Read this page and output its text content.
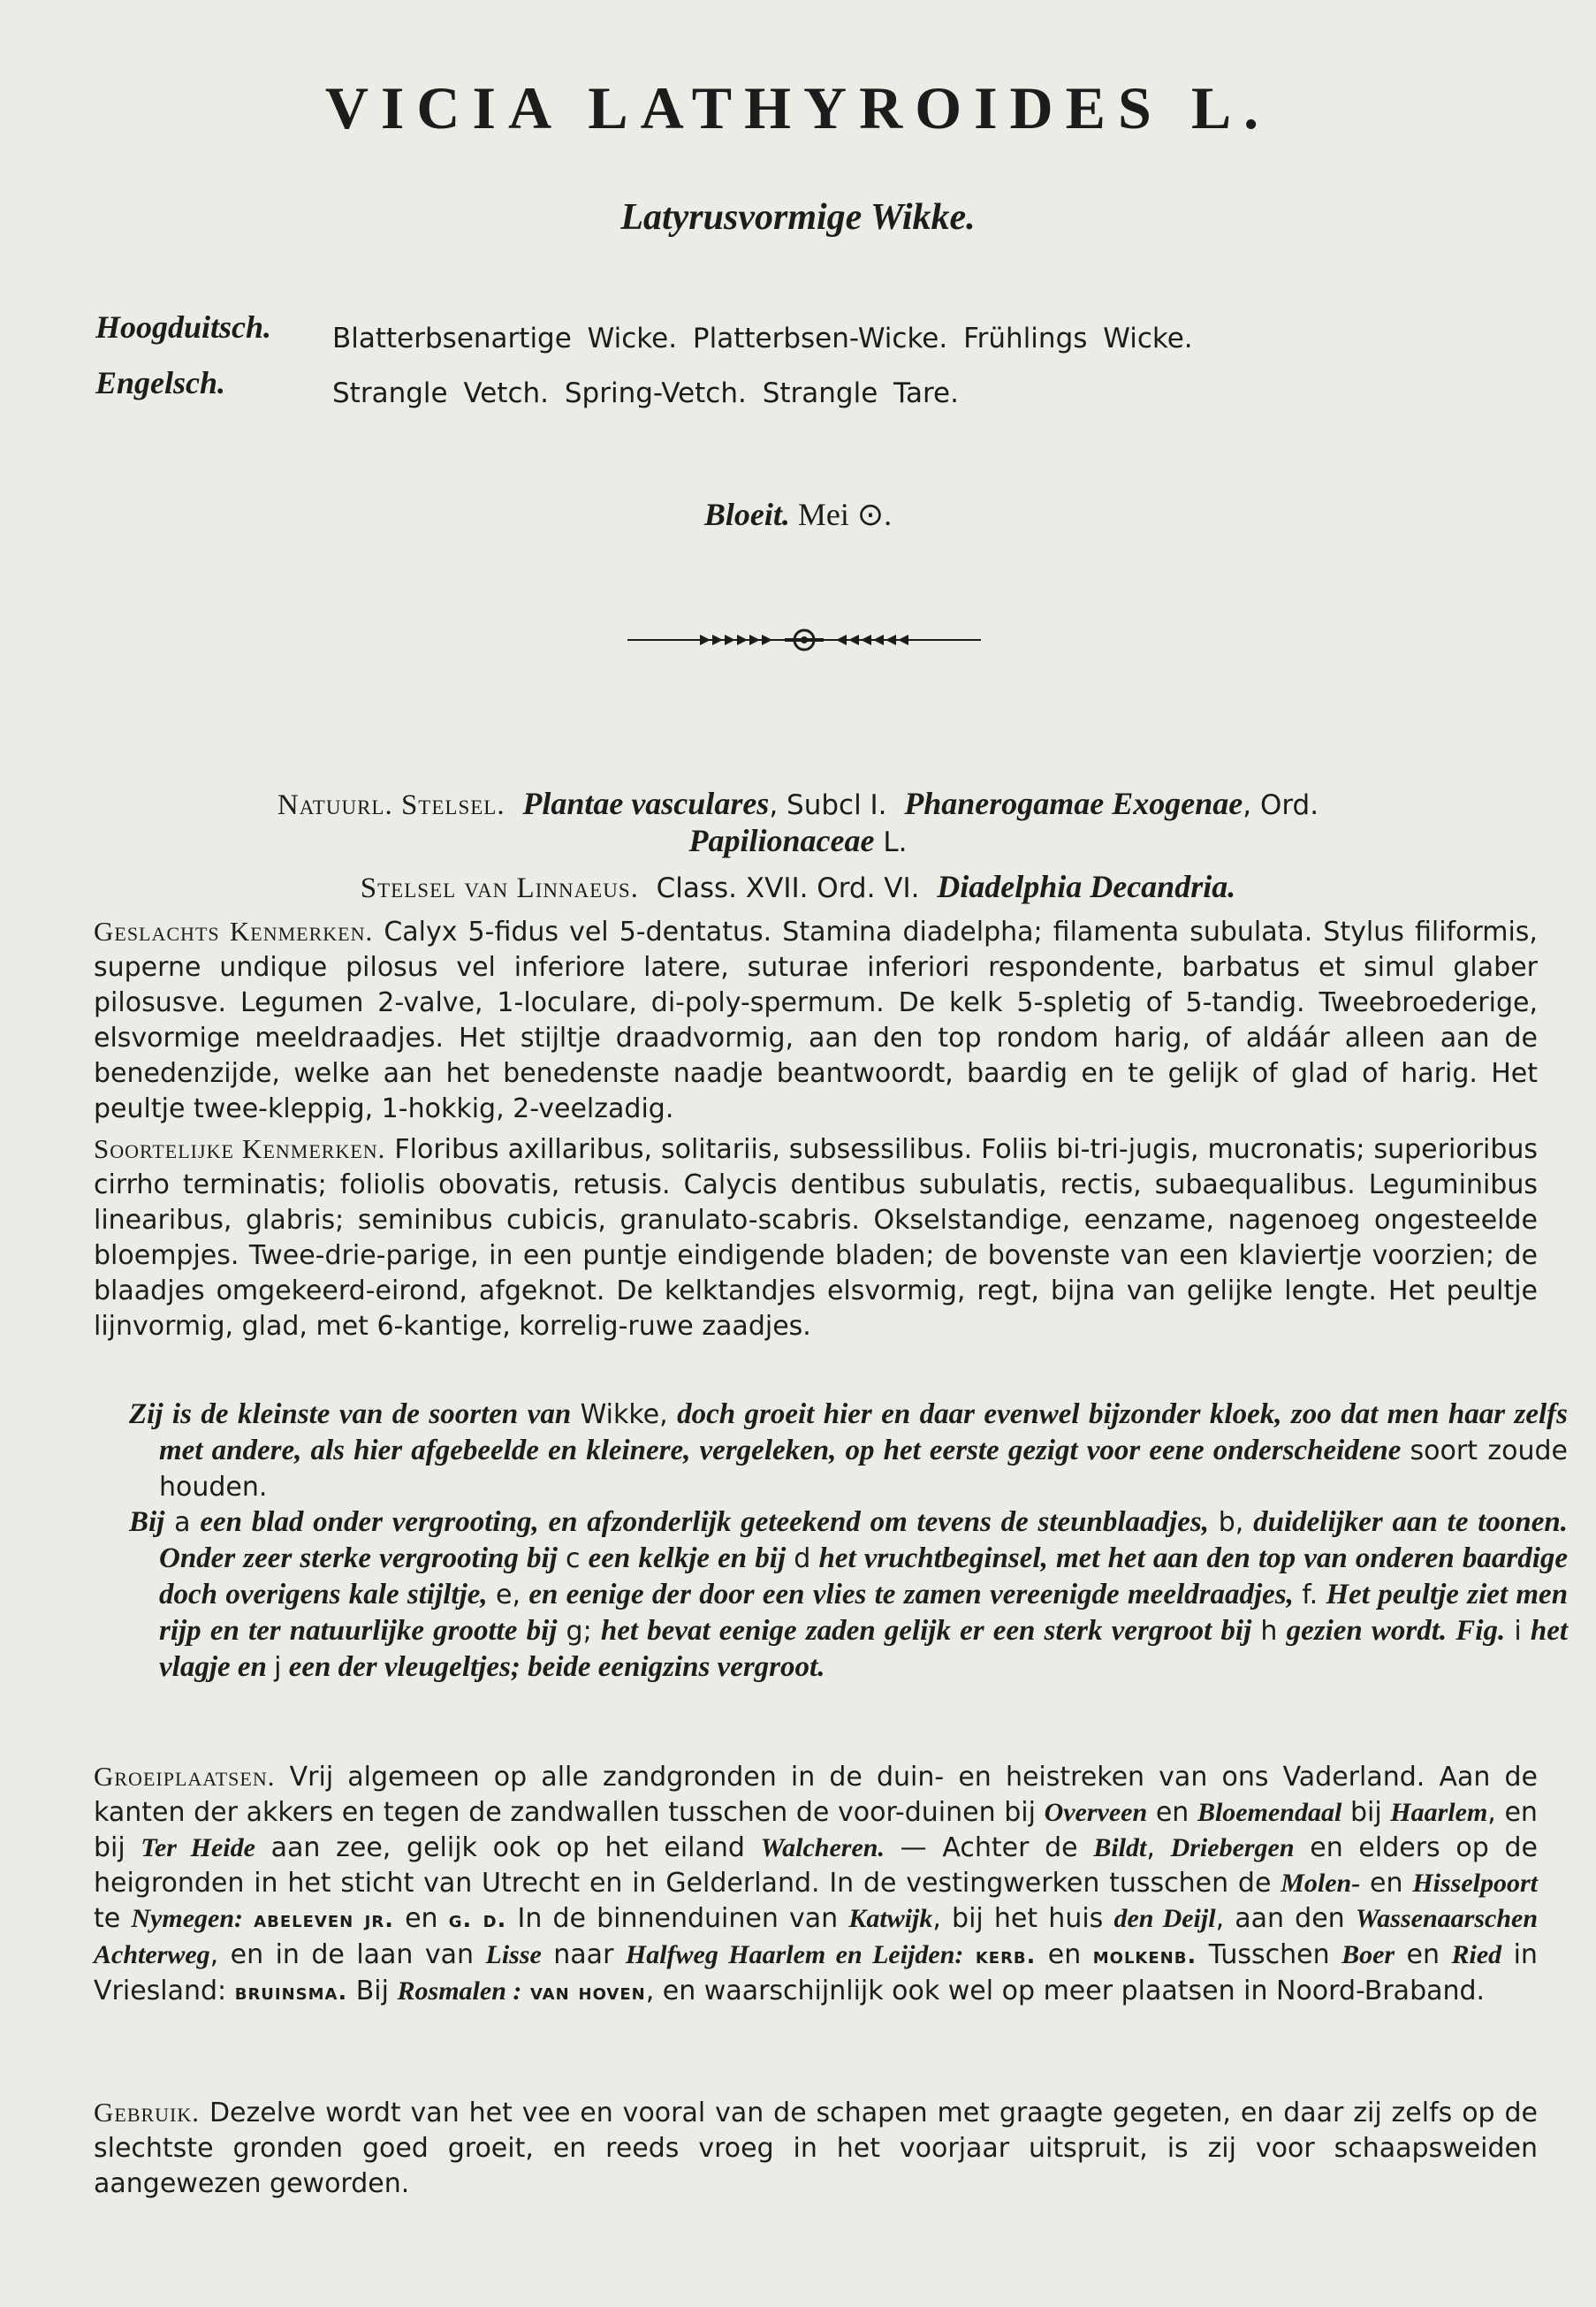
VICIA LATHYROIDES L.
Latyrusvormige Wikke.
Hoogduitsch. Blatterbsenartige Wicke. Platterbsen-Wicke. Frühlings Wicke.
Engelsch.	Strangle Vetch. Spring-Vetch. Strangle Tare.
Bloeit. Mei ⊙.
Natuurl. Stelsel. Plantae vasculares, Subcl I. Phanerogamae Exogenae, Ord.
Papilionaceae L.
Stelsel van Linnaeus. Class. XVII. Ord. VI. Diadelphia Decandria.
Geslachts Kenmerken. Calyx 5-fidus vel 5-dentatus. Stamina diadelpha; filamenta subulata. Stylus filiformis, superne undique pilosus vel inferiore latere, suturae inferiori respondente, barbatus et simul glaber pilosusve. Legumen 2-valve, 1-loculare, di-poly-spermum. De kelk 5-spletig of 5-tandig. Tweebroederige, elsvormige meeldraadjes. Het stijltje draadvormig, aan den top rondom harig, of aldáár alleen aan de benedenzijde, welke aan het benedenste naadje beantwoordt, baardig en te gelijk of glad of harig. Het peultje twee-kleppig, 1-hokkig, 2-veelzadig.
Soortelijke Kenmerken. Floribus axillaribus, solitariis, subsessilibus. Foliis bi-tri-jugis, mucronatis; superioribus cirrho terminatis; foliolis obovatis, retusis. Calycis dentibus subulatis, rectis, subaequalibus. Leguminibus linearibus, glabris; seminibus cubicis, granulato-scabris. Okselstandige, eenzame, nagenoeg ongesteelde bloempjes. Twee-drie-parige, in een puntje eindigende bladen; de bovenste van een klaviertje voorzien; de blaadjes omgekeerd-eirond, afgeknot. De kelktandjes elsvormig, regt, bijna van gelijke lengte. Het peultje lijnvormig, glad, met 6-kantige, korrelig-ruwe zaadjes.
Zij is de kleinste van de soorten van Wikke, doch groeit hier en daar evenwel bijzonder kloek, zoo dat men haar zelfs met andere, als hier afgebeelde en kleinere, vergeleken, op het eerste gezigt voor eene onderscheidene soort zoude houden.
Bij a een blad onder vergrooting, en afzonderlijk geteekend om tevens de steunblaadjes, b, duidelijker aan te toonen. Onder zeer sterke vergrooting bij c een kelkje en bij d het vruchtbeginsel, met het aan den top van onderen baardige doch overigens kale stijltje, e, en eenige der door een vlies te zamen vereenigde meeldraadjes, f. Het peultje ziet men rijp en ter natuurlijke grootte bij g; het bevat eenige zaden gelijk er een sterk vergroot bij h gezien wordt. Fig. i het vlagje en j een der vleugeltjes; beide eenigzins vergroot.
Groeiplaatsen. Vrij algemeen op alle zandgronden in de duin- en heistreken van ons Vaderland. Aan de kanten der akkers en tegen de zandwallen tusschen de voor-duinen bij Overveen en Bloemendaal bij Haarlem, en bij Ter Heide aan zee, gelijk ook op het eiland Walcheren. — Achter de Bildt, Driebergen en elders op de heigronden in het sticht van Utrecht en in Gelderland. In de vestingwerken tusschen de Molen- en Hisselpoort te Nymegen: abeleven jr. en g. d. In de binnenduinen van Katwijk, bij het huis den Deijl, aan den Wassenaarschen Achterweg, en in de laan van Lisse naar Halfweg Haarlem en Leijden: kerb. en molkenb. Tusschen Boer en Ried in Vriesland: bruinsma. Bij Rosmalen : van hoven, en waarschijnlijk ook wel op meer plaatsen in Noord-Braband.
Gebruik. Dezelve wordt van het vee en vooral van de schapen met graagte gegeten, en daar zij zelfs op de slechtste gronden goed groeit, en reeds vroeg in het voorjaar uitspruit, is zij voor schaapsweiden aangewezen geworden.
